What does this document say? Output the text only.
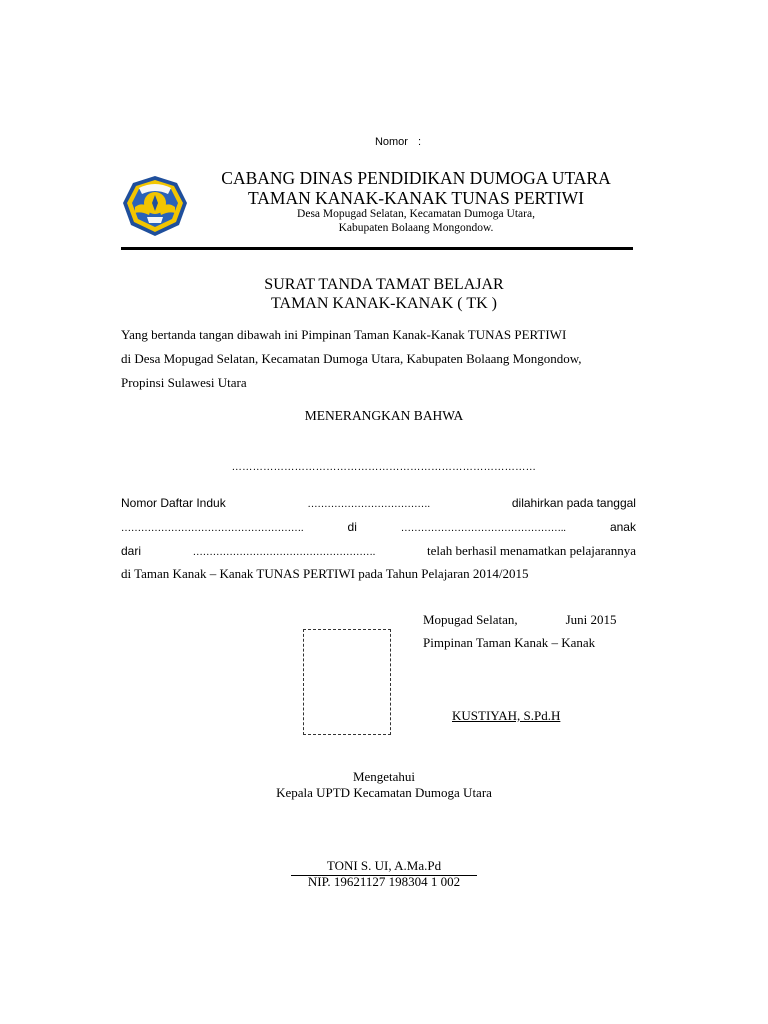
Nomor :
CABANG DINAS PENDIDIKAN DUMOGA UTARA
TAMAN KANAK-KANAK TUNAS PERTIWI
Desa Mopugad Selatan, Kecamatan Dumoga Utara,
Kabupaten Bolaang Mongondow.
SURAT TANDA TAMAT BELAJAR
TAMAN KANAK-KANAK ( TK )
Yang bertanda tangan dibawah ini Pimpinan Taman Kanak-Kanak TUNAS PERTIWI
di Desa Mopugad Selatan, Kecamatan Dumoga Utara, Kabupaten Bolaang Mongondow,
Propinsi Sulawesi Utara
MENERANGKAN BAHWA
……………………………………………………………………………
Nomor Daftar Induk	……………………………….	dilahirkan pada tanggal
……………………………………………….	di	…………………………………………..	anak
dari	……………………………………………….	telah berhasil menamatkan pelajarannya
di Taman Kanak – Kanak TUNAS PERTIWI pada Tahun Pelajaran 2014/2015
Mopugad Selatan,	Juni 2015
Pimpinan Taman Kanak – Kanak
KUSTIYAH, S.Pd.H
Mengetahui
Kepala UPTD Kecamatan Dumoga Utara
TONI S. UI, A.Ma.Pd
NIP. 19621127 198304 1 002
